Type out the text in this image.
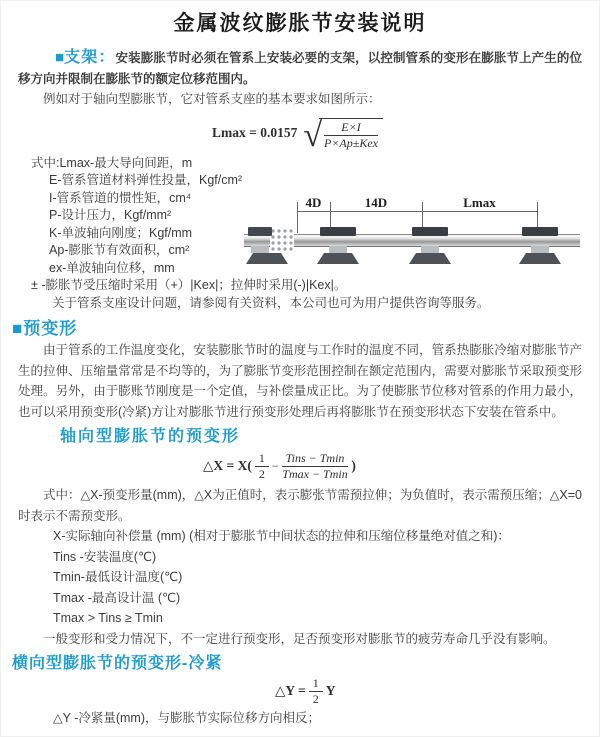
金属波纹膨胀节安装说明
■支架：安装膨胀节时必须在管系上安装必要的支架，以控制管系的变形在膨胀节上产生的位移方向并限制在膨胀节的额定位移范围内。
例如对于轴向型膨胀节，它对管系支座的基本要求如图所示：
Lmax = 0.0157 √ $\frac{E\times I}{\text{P×Ap±Kex}}$
式中:Lmax-最大导向间距，m
E-管系管道材料弹性投量，Kgf/cm²
I-管系管道的惯性矩，cm⁴
P-设计压力，Kgf/mm²
K-单波轴向刚度；Kgf/mm
Ap-膨胀节有效面积，cm²
ex-单波轴向位移，mm
± -膨胀节受压缩时采用（+）|Kex|；拉伸时采用(-)|Kex|。
关于管系支座设计问题，请参阅有关资料，本公司也可为用户提供咨询等服务。
4D	14D	Lmax
■预变形
由于管系的工作温度变化，安装膨胀节时的温度与工作时的温度不同，管系热膨胀冷缩对膨胀节产生的拉伸、压缩量常常是不均等的，为了膨胀节变形范围控制在额定范围内，需要对膨胀节采取预变形处理。另外，由于膨账节刚度是一个定值，与补偿量成正比。为了使膨胀节位移对管系的作用力最小，也可以采用预变形(冷紧)方让对膨胀节进行预变形处理后再将膨胀节在预变形状态下安装在管系中。
轴向型膨胀节的预变形
△X = $X( \frac{1}{2} - \frac{\text{Tins − Tmin}}{Tmax - Tmin}$ )
式中：△X-预变形量(mm)，△X为正值时，表示膨张节需预拉伸；为负值时，表示需预压缩；△X=0时表示不需预变形。
X-实际轴向补偿量 (mm) (相对于膨胀节中间状态的拉伸和压缩位移量绝对值之和)：
Tins -安装温度(℃)
Tmin-最低设计温度(℃)
Tmax -最高设计温 (℃)
Tmax > Tins ≥ Tmin
一般变形和受力情况下，不一定进行预变形，足否预变形对膨胀节的疲劳寿命几乎没有影响。
横向型膨胀节的预变形-冷紧
△Y = $\frac{1}{2}$ Y
△Y -冷紧量(mm)，与膨胀节实际位移方向相反；
